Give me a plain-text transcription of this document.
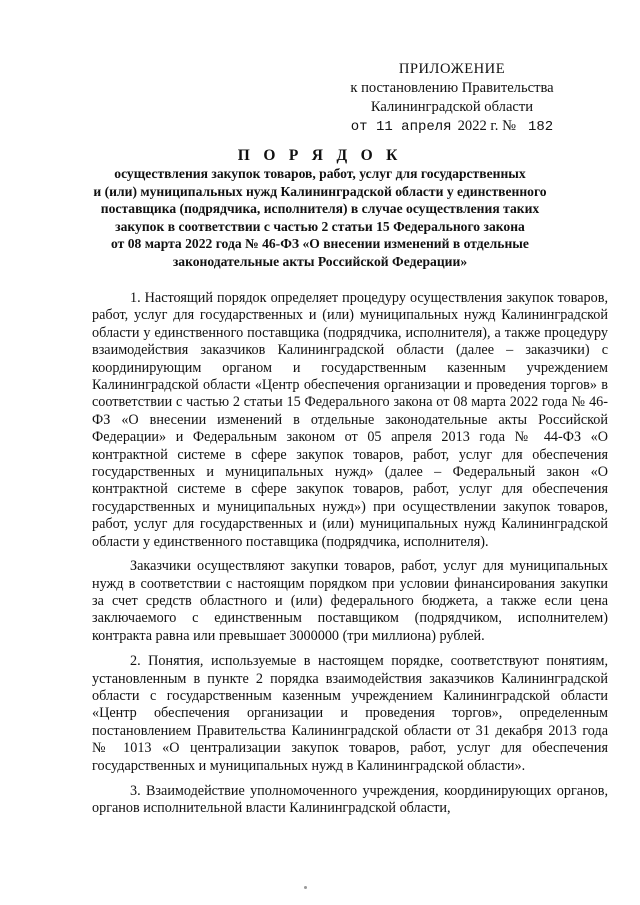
ПРИЛОЖЕНИЕ
к постановлению Правительства
Калининградской области
от 11 апреля 2022 г. № 182
П О Р Я Д О К
осуществления закупок товаров, работ, услуг для государственных
и (или) муниципальных нужд Калининградской области у единственного
поставщика (подрядчика, исполнителя) в случае осуществления таких
закупок в соответствии с частью 2 статьи 15 Федерального закона
от 08 марта 2022 года № 46-ФЗ «О внесении изменений в отдельные
законодательные акты Российской Федерации»

1. Настоящий порядок определяет процедуру осуществления закупок товаров, работ, услуг для государственных и (или) муниципальных нужд Калининградской области у единственного поставщика (подрядчика, исполнителя), а также процедуру взаимодействия заказчиков Калининградской области (далее – заказчики) с координирующим органом и государственным казенным учреждением Калининградской области «Центр обеспечения организации и проведения торгов» в соответствии с частью 2 статьи 15 Федерального закона от 08 марта 2022 года № 46-ФЗ «О внесении изменений в отдельные законодательные акты Российской Федерации» и Федеральным законом от 05 апреля 2013 года № 44-ФЗ «О контрактной системе в сфере закупок товаров, работ, услуг для обеспечения государственных и муниципальных нужд» (далее – Федеральный закон «О контрактной системе в сфере закупок товаров, работ, услуг для обеспечения государственных и муниципальных нужд») при осуществлении закупок товаров, работ, услуг для государственных и (или) муниципальных нужд Калининградской области у единственного поставщика (подрядчика, исполнителя).

Заказчики осуществляют закупки товаров, работ, услуг для муниципальных нужд в соответствии с настоящим порядком при условии финансирования закупки за счет средств областного и (или) федерального бюджета, а также если цена заключаемого с единственным поставщиком (подрядчиком, исполнителем) контракта равна или превышает 3000000 (три миллиона) рублей.

2. Понятия, используемые в настоящем порядке, соответствуют понятиям, установленным в пункте 2 порядка взаимодействия заказчиков Калининградской области с государственным казенным учреждением Калининградской области «Центр обеспечения организации и проведения торгов», определенным постановлением Правительства Калининградской области от 31 декабря 2013 года № 1013 «О централизации закупок товаров, работ, услуг для обеспечения государственных и муниципальных нужд в Калининградской области».

3. Взаимодействие уполномоченного учреждения, координирующих органов, органов исполнительной власти Калининградской области,
